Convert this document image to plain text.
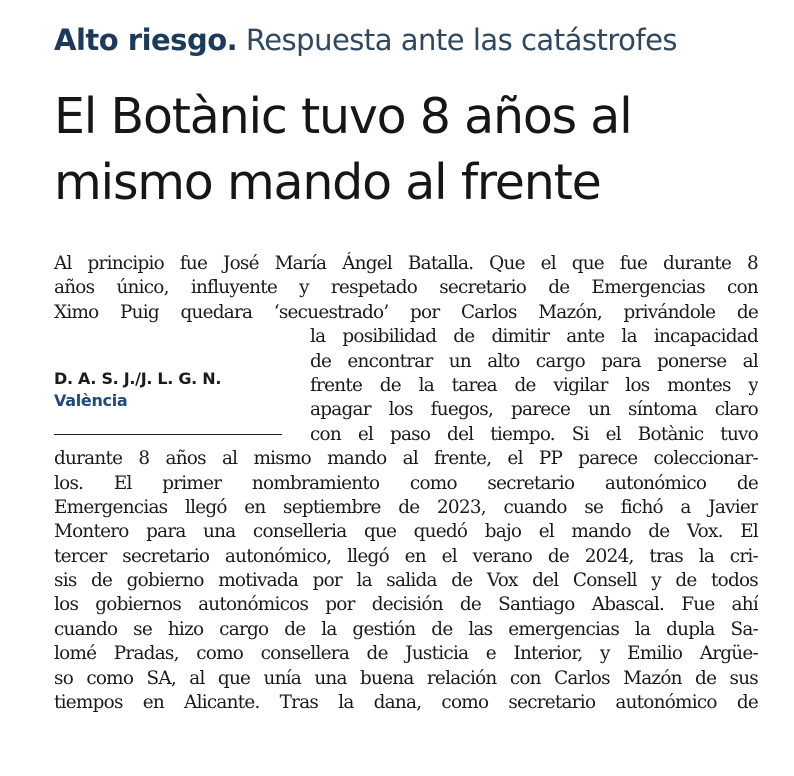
Alto riesgo. Respuesta ante las catástrofes
El Botànic tuvo 8 años al
mismo mando al frente
D. A. S. J./J. L. G. N.
València
Al principio fue José María Ángel Batalla. Que el que fue durante 8
años único, influyente y respetado secretario de Emergencias con
Ximo Puig quedara ‘secuestrado’ por Carlos Mazón, privándole de
la posibilidad de dimitir ante la incapacidad
de encontrar un alto cargo para ponerse al
frente de la tarea de vigilar los montes y
apagar los fuegos, parece un síntoma claro
con el paso del tiempo. Si el Botànic tuvo
durante 8 años al mismo mando al frente, el PP parece coleccionar-
los. El primer nombramiento como secretario autonómico de
Emergencias llegó en septiembre de 2023, cuando se fichó a Javier
Montero para una conselleria que quedó bajo el mando de Vox. El
tercer secretario autonómico, llegó en el verano de 2024, tras la cri-
sis de gobierno motivada por la salida de Vox del Consell y de todos
los gobiernos autonómicos por decisión de Santiago Abascal. Fue ahí
cuando se hizo cargo de la gestión de las emergencias la dupla Sa-
lomé Pradas, como consellera de Justicia e Interior, y Emilio Argüe-
so como SA, al que unía una buena relación con Carlos Mazón de sus
tiempos en Alicante. Tras la dana, como secretario autonómico de
